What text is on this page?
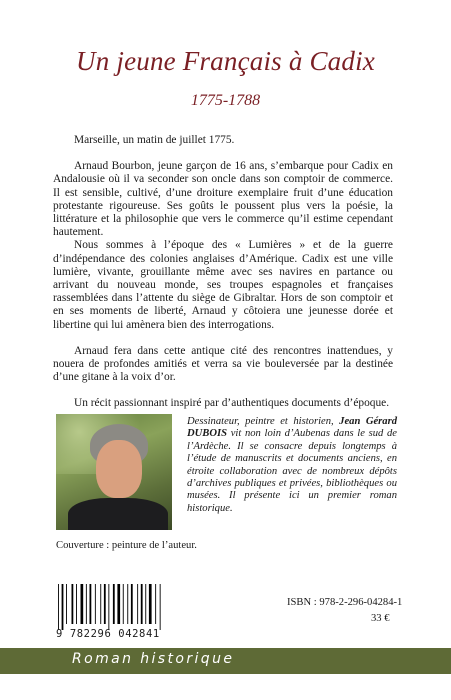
Un jeune Français à Cadix
1775-1788

Marseille, un matin de juillet 1775.

Arnaud Bourbon, jeune garçon de 16 ans, s’embarque pour Cadix en Andalousie où il va seconder son oncle dans son comptoir de commerce. Il est sensible, cultivé, d’une droiture exemplaire fruit d’une éducation protestante rigoureuse. Ses goûts le poussent plus vers la poésie, la littérature et la philosophie que vers le commerce qu’il estime cependant hautement.

Nous sommes à l’époque des « Lumières » et de la guerre d’indépendance des colonies anglaises d’Amérique. Cadix est une ville lumière, vivante, grouillante même avec ses navires en partance ou arrivant du nouveau monde, ses troupes espagnoles et françaises rassemblées dans l’attente du siège de Gibraltar. Hors de son comptoir et en ses moments de liberté, Arnaud y côtoiera une jeunesse dorée et libertine qui lui amènera bien des interrogations.

Arnaud fera dans cette antique cité des rencontres inattendues, y nouera de profondes amitiés et verra sa vie bouleversée par la destinée d’une gitane à la voix d’or.

Un récit passionnant inspiré par d’authentiques documents d’époque.

Dessinateur, peintre et historien, Jean Gérard DUBOIS vit non loin d’Aubenas dans le sud de l’Ardèche. Il se consacre depuis longtemps à l’étude de manuscrits et documents anciens, en étroite collaboration avec de nombreux dépôts d’archives publiques et privées, bibliothèques ou musées. Il présente ici un premier roman historique.
Couverture : peinture de l’auteur.
9 782296 042841
ISBN : 978-2-296-04284-1
33 €
Roman historique
